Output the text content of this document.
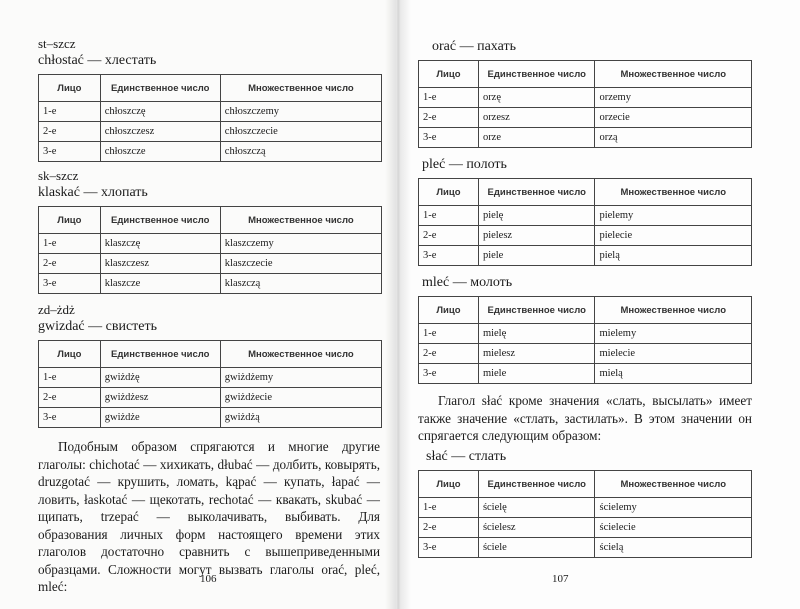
st–szcz

chłostać — хлестать

Лицо	Единственное число	Множественное число
1-е	chłoszczę	chłoszczemy
2-е	chłoszczesz	chłoszczecie
3-е	chłoszcze	chłoszczą

sk–szcz

klaskać — хлопать

Лицо	Единственное число	Множественное число
1-е	klaszczę	klaszczemy
2-е	klaszczesz	klaszczecie
3-е	klaszcze	klaszczą

zd–żdż

gwizdać — свистеть

Лицо	Единственное число	Множественное число
1-е	gwiżdżę	gwiżdżemy
2-е	gwiżdżesz	gwiżdżecie
3-е	gwiżdże	gwiżdżą

Подобным образом спрягаются и многие другие глаголы: chichotać — хихикать, dłubać — долбить, ковырять, druzgotać — крушить, ломать, kąpać — купать, łapać — ловить, łaskotać — щекотать, rechotać — квакать, skubać — щипать, trzepać — выколачивать, выбивать. Для образования личных форм настоящего времени этих глаголов достаточно сравнить с вышеприведенными образцами. Сложности могут вызвать глаголы orać, pleć, mleć:	106

orać — пахать

Лицо	Единственное число	Множественное число
1-е	orzę	orzemy
2-е	orzesz	orzecie
3-е	orze	orzą

pleć — полоть

Лицо	Единственное число	Множественное число
1-е	pielę	pielemy
2-е	pielesz	pielecie
3-е	piele	pielą

mleć — молоть

Лицо	Единственное число	Множественное число
1-е	mielę	mielemy
2-е	mielesz	mielecie
3-е	miele	mielą

Глагол słać кроме значения «слать, высылать» имеет также значение «стлать, застилать». В этом значении он спрягается следующим образом:

słać — стлать

Лицо	Единственное число	Множественное число
1-е	ścielę	ścielemy
2-е	ścielesz	ścielecie
3-е	ściele	ścielą
107
